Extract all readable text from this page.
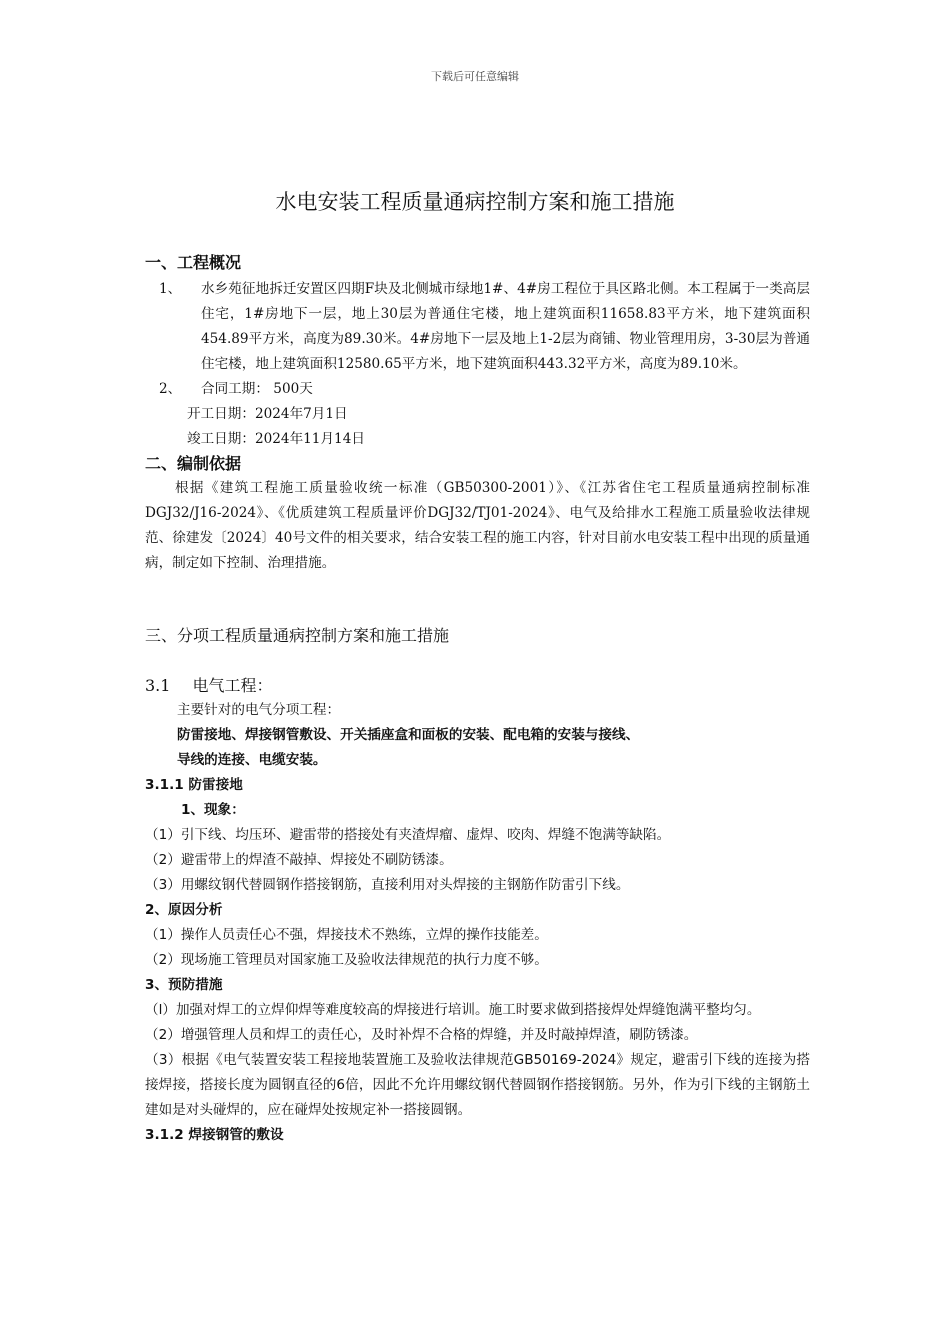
下载后可任意编辑
水电安装工程质量通病控制方案和施工措施
一、工程概况
1、	水乡苑征地拆迁安置区四期F块及北侧城市绿地1#、4#房工程位于具区路北侧。本工程属于一类高层住宅，1#房地下一层，地上30层为普通住宅楼，地上建筑面积11658.83平方米，地下建筑面积454.89平方米，高度为89.30米。4#房地下一层及地上1-2层为商铺、物业管理用房，3-30层为普通住宅楼，地上建筑面积12580.65平方米，地下建筑面积443.32平方米，高度为89.10米。
2、	合同工期： 500天
开工日期：2024年7月1日
竣工日期：2024年11月14日
二、编制依据
根据《建筑工程施工质量验收统一标准（GB50300-2001）》、《江苏省住宅工程质量通病控制标准DGJ32/J16-2024》、《优质建筑工程质量评价DGJ32/TJ01-2024》、电气及给排水工程施工质量验收法律规范、徐建发〔2024〕40号文件的相关要求，结合安装工程的施工内容，针对目前水电安装工程中出现的质量通病，制定如下控制、治理措施。
三、分项工程质量通病控制方案和施工措施
3.1 电气工程：
主要针对的电气分项工程：
防雷接地、焊接钢管敷设、开关插座盒和面板的安装、配电箱的安装与接线、
导线的连接、电缆安装。
3.1.1 防雷接地
1、现象：
（1）引下线、均压环、避雷带的搭接处有夹渣焊瘤、虚焊、咬肉、焊缝不饱满等缺陷。
（2）避雷带上的焊渣不敲掉、焊接处不刷防锈漆。
（3）用螺纹钢代替圆钢作搭接钢筋，直接利用对头焊接的主钢筋作防雷引下线。
2、原因分析
（1）操作人员责任心不强，焊接技术不熟练，立焊的操作技能差。
（2）现场施工管理员对国家施工及验收法律规范的执行力度不够。
3、预防措施
（l）加强对焊工的立焊仰焊等难度较高的焊接进行培训。施工时要求做到搭接焊处焊缝饱满平整均匀。
（2）增强管理人员和焊工的责任心，及时补焊不合格的焊缝，并及时敲掉焊渣，刷防锈漆。
（3）根据《电气装置安装工程接地装置施工及验收法律规范GB50169-2024》规定，避雷引下线的连接为搭接焊接，搭接长度为圆钢直径的6倍，因此不允许用螺纹钢代替圆钢作搭接钢筋。另外，作为引下线的主钢筋土建如是对头碰焊的，应在碰焊处按规定补一搭接圆钢。
3.1.2 焊接钢管的敷设
